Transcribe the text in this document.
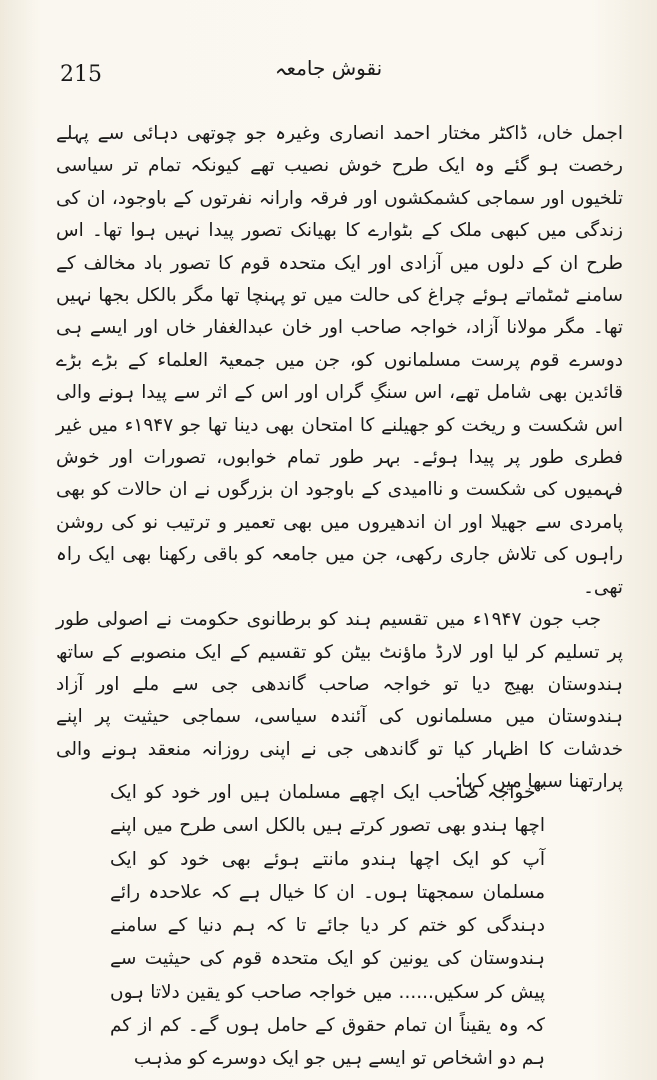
215	نقوش جامعہ

اجمل خاں، ڈاکٹر مختار احمد انصاری وغیرہ جو چوتھی دہائی سے پہلے رخصت ہو گئے وہ ایک طرح خوش نصیب تھے کیونکہ تمام تر سیاسی تلخیوں اور سماجی کشمکشوں اور فرقہ وارانہ نفرتوں کے باوجود، ان کی زندگی میں کبھی ملک کے بٹوارے کا بھیانک تصور پیدا نہیں ہوا تھا۔ اس طرح ان کے دلوں میں آزادی اور ایک متحدہ قوم کا تصور باد مخالف کے سامنے ٹمٹماتے ہوئے چراغ کی حالت میں تو پہنچا تھا مگر بالکل بجھا نہیں تھا۔ مگر مولانا آزاد، خواجہ صاحب اور خان عبدالغفار خاں اور ایسے ہی دوسرے قوم پرست مسلمانوں کو، جن میں جمعیۃ العلماء کے بڑے بڑے قائدین بھی شامل تھے، اس سنگِ گراں اور اس کے اثر سے پیدا ہونے والی اس شکست و ریخت کو جھیلنے کا امتحان بھی دینا تھا جو ۱۹۴۷ء میں غیر فطری طور پر پیدا ہوئے۔ بہر طور تمام خوابوں، تصورات اور خوش فہمیوں کی شکست و ناامیدی کے باوجود ان بزرگوں نے ان حالات کو بھی پامردی سے جھیلا اور ان اندھیروں میں بھی تعمیر و ترتیب نو کی روشن راہوں کی تلاش جاری رکھی، جن میں جامعہ کو باقی رکھنا بھی ایک راہ تھی۔

جب جون ۱۹۴۷ء میں تقسیم ہند کو برطانوی حکومت نے اصولی طور پر تسلیم کر لیا اور لارڈ ماؤنٹ بیٹن کو تقسیم کے ایک منصوبے کے ساتھ ہندوستان بھیج دیا تو خواجہ صاحب گاندھی جی سے ملے اور آزاد ہندوستان میں مسلمانوں کی آئندہ سیاسی، سماجی حیثیت پر اپنے خدشات کا اظہار کیا تو گاندھی جی نے اپنی روزانہ منعقد ہونے والی پرارتھنا سبھا میں کہا:

”خواجہ صاحب ایک اچھے مسلمان ہیں اور خود کو ایک اچھا ہندو بھی تصور کرتے ہیں بالکل اسی طرح میں اپنے آپ کو ایک اچھا ہندو مانتے ہوئے بھی خود کو ایک مسلمان سمجھتا ہوں۔ ان کا خیال ہے کہ علاحدہ رائے دہندگی کو ختم کر دیا جائے تا کہ ہم دنیا کے سامنے ہندوستان کی یونین کو ایک متحدہ قوم کی حیثیت سے پیش کر سکیں...... میں خواجہ صاحب کو یقین دلاتا ہوں کہ وہ یقیناً ان تمام حقوق کے حامل ہوں گے۔ کم از کم ہم دو اشخاص تو ایسے ہیں جو ایک دوسرے کو مذہب
